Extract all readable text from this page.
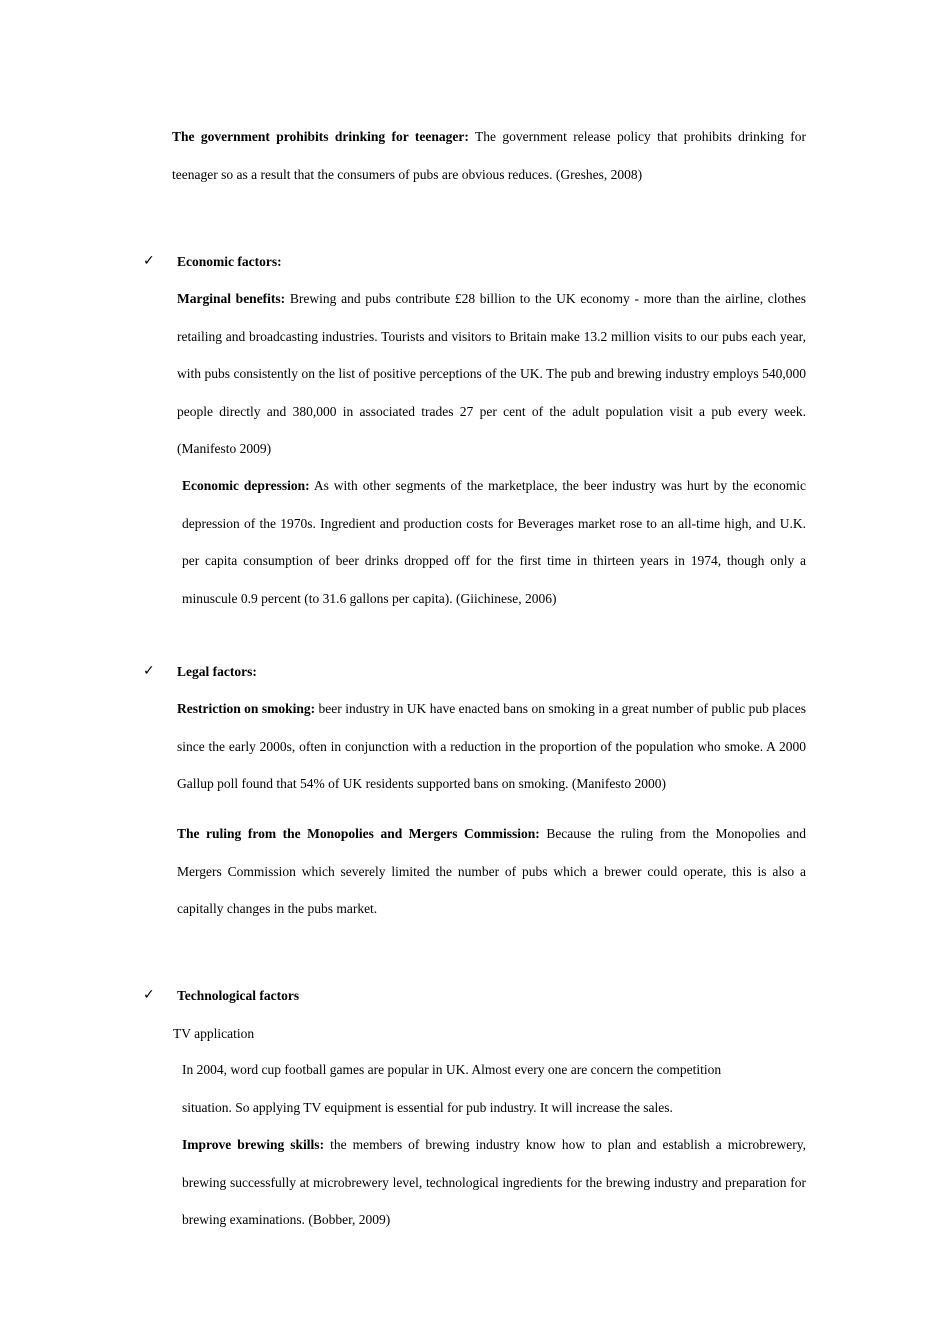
The government prohibits drinking for teenager: The government release policy that prohibits drinking for teenager so as a result that the consumers of pubs are obvious reduces. (Greshes, 2008)
✓ Economic factors:
Marginal benefits: Brewing and pubs contribute £28 billion to the UK economy - more than the airline, clothes retailing and broadcasting industries. Tourists and visitors to Britain make 13.2 million visits to our pubs each year, with pubs consistently on the list of positive perceptions of the UK. The pub and brewing industry employs 540,000 people directly and 380,000 in associated trades 27 per cent of the adult population visit a pub every week. (Manifesto 2009)
Economic depression: As with other segments of the marketplace, the beer industry was hurt by the economic depression of the 1970s. Ingredient and production costs for Beverages market rose to an all-time high, and U.K. per capita consumption of beer drinks dropped off for the first time in thirteen years in 1974, though only a minuscule 0.9 percent (to 31.6 gallons per capita). (Giichinese, 2006)
✓ Legal factors:
Restriction on smoking: beer industry in UK have enacted bans on smoking in a great number of public pub places since the early 2000s, often in conjunction with a reduction in the proportion of the population who smoke. A 2000 Gallup poll found that 54% of UK residents supported bans on smoking. (Manifesto 2000)
The ruling from the Monopolies and Mergers Commission: Because the ruling from the Monopolies and Mergers Commission which severely limited the number of pubs which a brewer could operate, this is also a capitally changes in the pubs market.
✓ Technological factors
TV application
In 2004, word cup football games are popular in UK. Almost every one are concern the competition situation. So applying TV equipment is essential for pub industry. It will increase the sales.
Improve brewing skills: the members of brewing industry know how to plan and establish a microbrewery, brewing successfully at microbrewery level, technological ingredients for the brewing industry and preparation for brewing examinations. (Bobber, 2009)
